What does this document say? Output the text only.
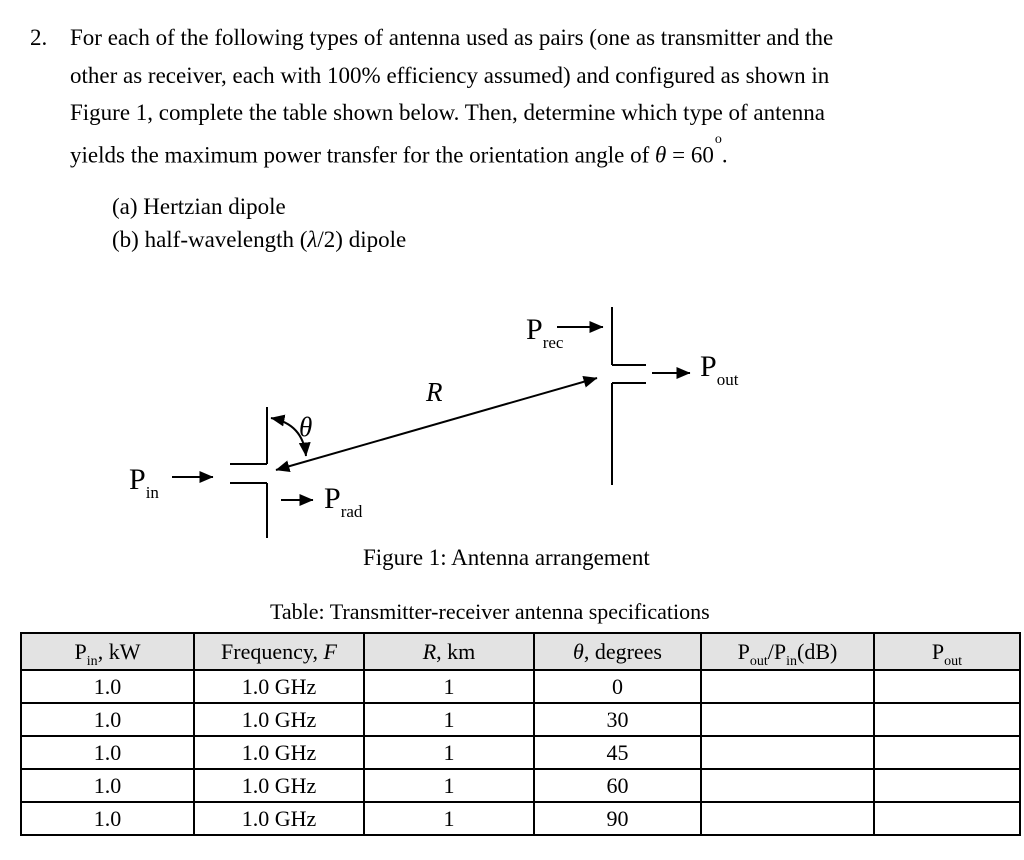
$P_{in}$	$P_{rad}$
$P_{rec}$
$P_{out}$
R
θ
2. For each of the following types of antenna used as pairs (one as transmitter and the
other as receiver, each with 100% efficiency assumed) and configured as shown in
Figure 1, complete the table shown below. Then, determine which type of antenna
yields the maximum power transfer for the orientation angle of $\theta = 60^o$.
(a) Hertzian dipole
(b) half-wavelength (λ/2) dipole
Figure 1: Antenna arrangement
Table: Transmitter-receiver antenna specifications
$P_{in}$, kW	Frequency, F	R, km	θ, degrees	$P_{out}/P_{in}(dB)$	$P_{out}$
1.0	1.0 GHz	1	0		
1.0	1.0 GHz	1	30		
1.0	1.0 GHz	1	45		
1.0	1.0 GHz	1	60		
1.0	1.0 GHz	1	90		
